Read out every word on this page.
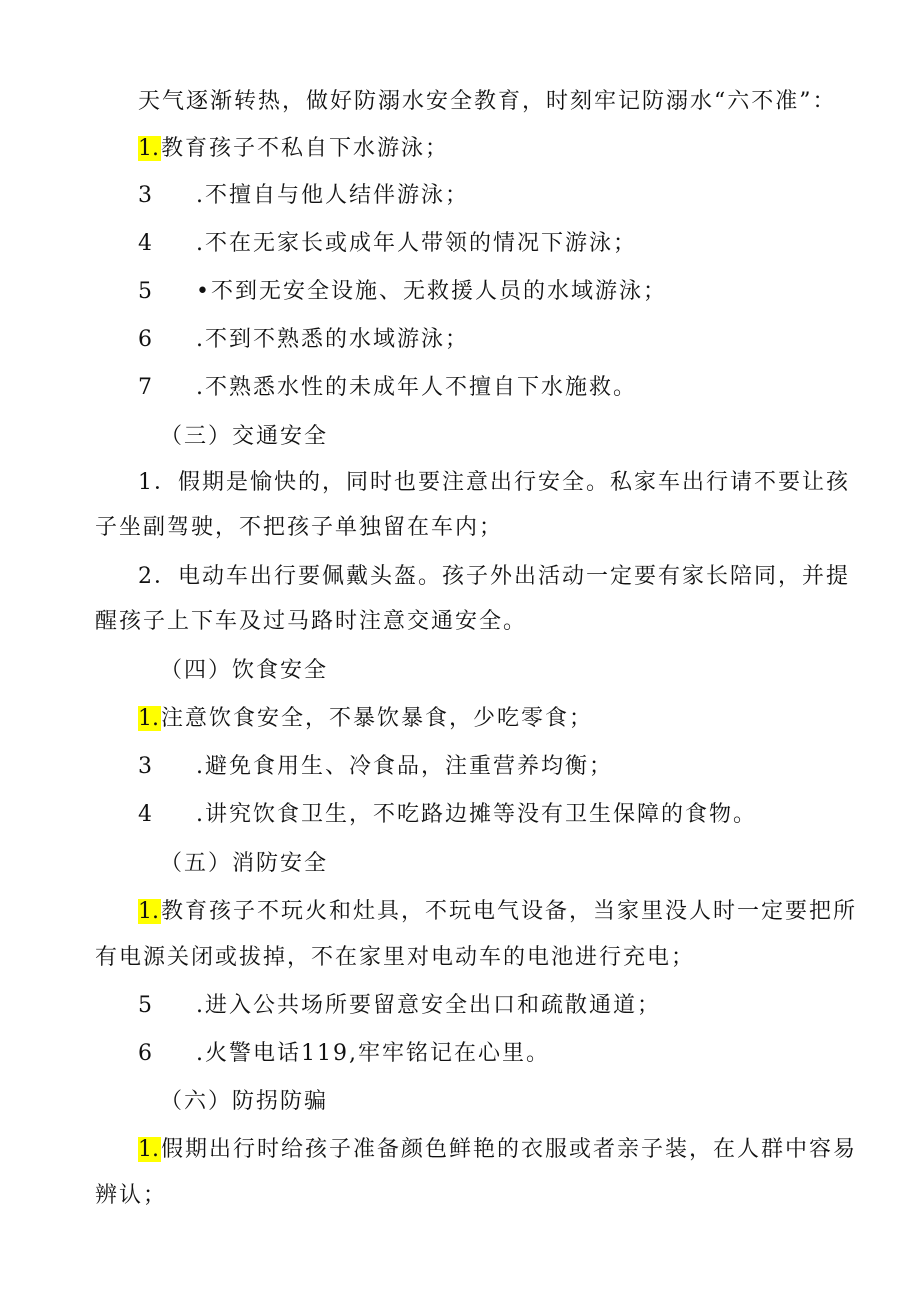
天气逐渐转热，做好防溺水安全教育，时刻牢记防溺水“六不准”：
1.教育孩子不私自下水游泳；
3 .不擅自与他人结伴游泳；
4 .不在无家长或成年人带领的情况下游泳；
5 •不到无安全设施、无救援人员的水域游泳；
6 .不到不熟悉的水域游泳；
7 .不熟悉水性的未成年人不擅自下水施救。
（三）交通安全
1．假期是愉快的，同时也要注意出行安全。私家车出行请不要让孩
子坐副驾驶，不把孩子单独留在车内；
2．电动车出行要佩戴头盔。孩子外出活动一定要有家长陪同，并提
醒孩子上下车及过马路时注意交通安全。
（四）饮食安全
1.注意饮食安全，不暴饮暴食，少吃零食；
3 .避免食用生、冷食品，注重营养均衡；
4 .讲究饮食卫生，不吃路边摊等没有卫生保障的食物。
（五）消防安全
1.教育孩子不玩火和灶具，不玩电气设备，当家里没人时一定要把所
有电源关闭或拔掉，不在家里对电动车的电池进行充电；
5 .进入公共场所要留意安全出口和疏散通道；
6 .火警电话119,牢牢铭记在心里。
（六）防拐防骗
1.假期出行时给孩子准备颜色鲜艳的衣服或者亲子装，在人群中容易
辨认；
